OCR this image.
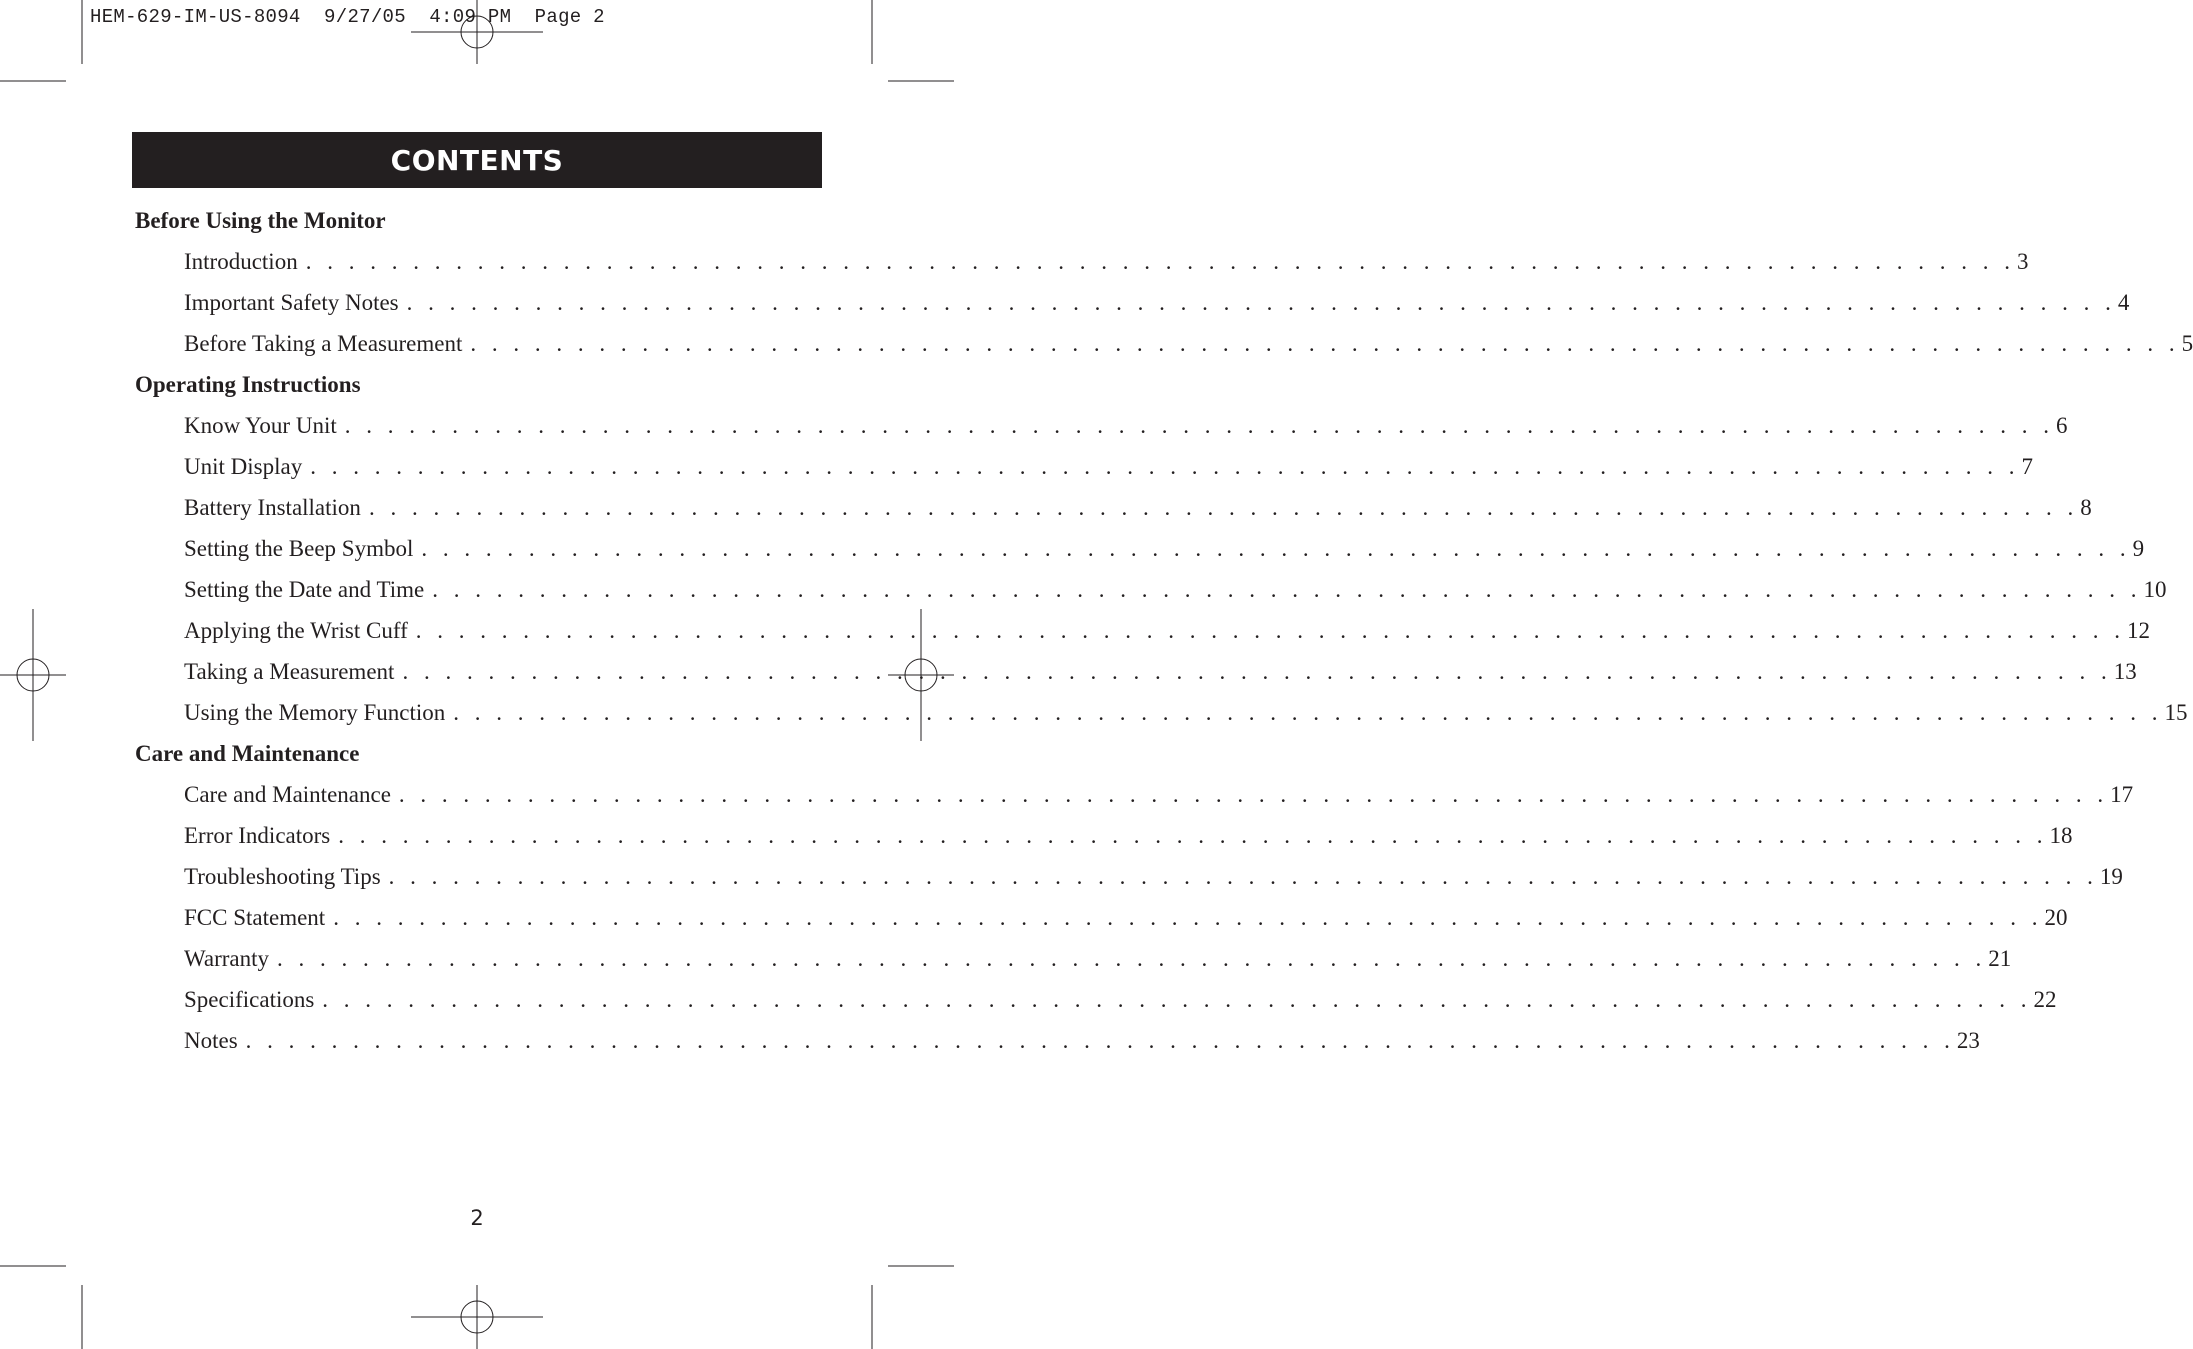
HEM-629-IM-US-8094  9/27/05  4:09 PM  Page 2
CONTENTS
Before Using the Monitor
Introduction . . . . . . . . . . . . . . . . . . . . . . . . . . . . . . . . . . . . . . . . . . . . . . . . . . . . . . . . . . . . . . . . . . . . . . . . . . . . . . . . 3
Important Safety Notes . . . . . . . . . . . . . . . . . . . . . . . . . . . . . . . . . . . . . . . . . . . . . . . . . . . . . . . . . . . . . . . . . . . . . . . . . . . . . . . . 4
Before Taking a Measurement . . . . . . . . . . . . . . . . . . . . . . . . . . . . . . . . . . . . . . . . . . . . . . . . . . . . . . . . . . . . . . . . . . . . . . . . . . . . . . . . 5
Operating Instructions
Know Your Unit . . . . . . . . . . . . . . . . . . . . . . . . . . . . . . . . . . . . . . . . . . . . . . . . . . . . . . . . . . . . . . . . . . . . . . . . . . . . . . . . 6
Unit Display . . . . . . . . . . . . . . . . . . . . . . . . . . . . . . . . . . . . . . . . . . . . . . . . . . . . . . . . . . . . . . . . . . . . . . . . . . . . . . . . 7
Battery Installation . . . . . . . . . . . . . . . . . . . . . . . . . . . . . . . . . . . . . . . . . . . . . . . . . . . . . . . . . . . . . . . . . . . . . . . . . . . . . . . . 8
Setting the Beep Symbol . . . . . . . . . . . . . . . . . . . . . . . . . . . . . . . . . . . . . . . . . . . . . . . . . . . . . . . . . . . . . . . . . . . . . . . . . . . . . . . . 9
Setting the Date and Time . . . . . . . . . . . . . . . . . . . . . . . . . . . . . . . . . . . . . . . . . . . . . . . . . . . . . . . . . . . . . . . . . . . . . . . . . . . . . . . . 10
Applying the Wrist Cuff . . . . . . . . . . . . . . . . . . . . . . . . . . . . . . . . . . . . . . . . . . . . . . . . . . . . . . . . . . . . . . . . . . . . . . . . . . . . . . . . 12
Taking a Measurement . . . . . . . . . . . . . . . . . . . . . . . . . . . . . . . . . . . . . . . . . . . . . . . . . . . . . . . . . . . . . . . . . . . . . . . . . . . . . . . . 13
Using the Memory Function . . . . . . . . . . . . . . . . . . . . . . . . . . . . . . . . . . . . . . . . . . . . . . . . . . . . . . . . . . . . . . . . . . . . . . . . . . . . . . . . 15
Care and Maintenance
Care and Maintenance . . . . . . . . . . . . . . . . . . . . . . . . . . . . . . . . . . . . . . . . . . . . . . . . . . . . . . . . . . . . . . . . . . . . . . . . . . . . . . . . 17
Error Indicators . . . . . . . . . . . . . . . . . . . . . . . . . . . . . . . . . . . . . . . . . . . . . . . . . . . . . . . . . . . . . . . . . . . . . . . . . . . . . . . . 18
Troubleshooting Tips . . . . . . . . . . . . . . . . . . . . . . . . . . . . . . . . . . . . . . . . . . . . . . . . . . . . . . . . . . . . . . . . . . . . . . . . . . . . . . . . 19
FCC Statement . . . . . . . . . . . . . . . . . . . . . . . . . . . . . . . . . . . . . . . . . . . . . . . . . . . . . . . . . . . . . . . . . . . . . . . . . . . . . . . . 20
Warranty . . . . . . . . . . . . . . . . . . . . . . . . . . . . . . . . . . . . . . . . . . . . . . . . . . . . . . . . . . . . . . . . . . . . . . . . . . . . . . . . 21
Specifications . . . . . . . . . . . . . . . . . . . . . . . . . . . . . . . . . . . . . . . . . . . . . . . . . . . . . . . . . . . . . . . . . . . . . . . . . . . . . . . . 22
Notes . . . . . . . . . . . . . . . . . . . . . . . . . . . . . . . . . . . . . . . . . . . . . . . . . . . . . . . . . . . . . . . . . . . . . . . . . . . . . . . . 23
2
